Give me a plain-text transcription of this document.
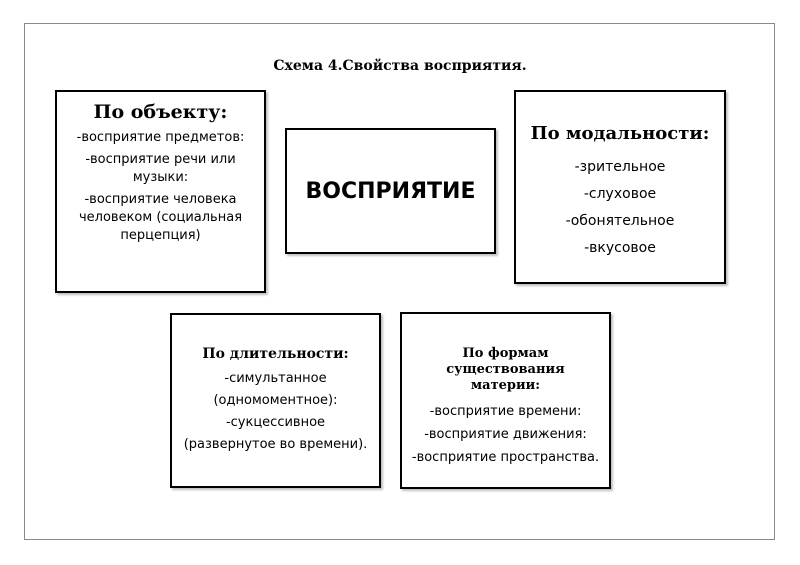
Схема 4.Свойства восприятия.
По объекту:
-восприятие предметов:
-восприятие речи или музыки:
-восприятие человека человеком (социальная перцепция)
ВОСПРИЯТИЕ
По модальности:
-зрительное
-слуховое
-обонятельное
-вкусовое
По длительности:
-симультанное
(одномоментное):
-сукцессивное
(развернутое во времени).
По формам существования материи:
-восприятие времени:
-восприятие движения:
-восприятие пространства.
